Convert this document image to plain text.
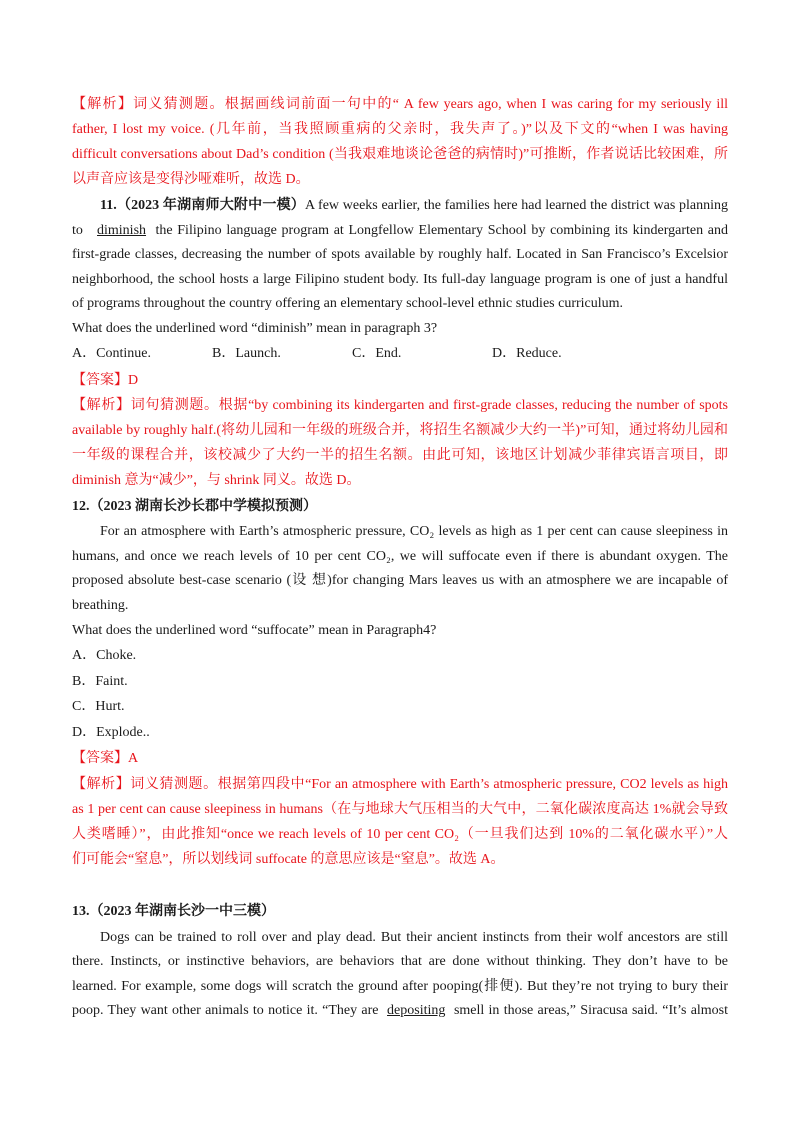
【解析】词义猜测题。根据画线词前面一句中的“ A few years ago, when I was caring for my seriously ill
father, I lost my voice. (几年前，当我照顾重病的父亲时，我失声了。)”以及下文的“when I was having
difficult conversations about Dad’s condition (当我艰难地谈论爸爸的病情时)”可推断，作者说话比较困难，所
以声音应该是变得沙哑难听，故选 D。
11.（2023 年湖南师大附中一模）A few weeks earlier, the families here had learned the district was planning
to diminish the Filipino language program at Longfellow Elementary School by combining its kindergarten and
first-grade classes, decreasing the number of spots available by roughly half. Located in San Francisco’s Excelsior
neighborhood, the school hosts a large Filipino student body. Its full-day language program is one of just a handful
of programs throughout the country offering an elementary school-level ethnic studies curriculum.
What does the underlined word “diminish” mean in paragraph 3?
A．Continue.	B．Launch.	C．End.	D．Reduce.
【答案】D
【解析】词句猜测题。根据“by combining its kindergarten and first-grade classes, reducing the number of spots
available by roughly half.(将幼儿园和一年级的班级合并，将招生名额减少大约一半)”可知，通过将幼儿园和
一年级的课程合并，该校减少了大约一半的招生名额。由此可知，该地区计划减少菲律宾语言项目，即
diminish 意为“减少”，与 shrink 同义。故选 D。
12.（2023 湖南长沙长郡中学模拟预测）
For an atmosphere with Earth’s atmospheric pressure, CO₂ levels as high as 1 per cent can cause sleepiness in
humans, and once we reach levels of 10 per cent CO₂, we will suffocate even if there is abundant oxygen. The
proposed absolute best-case scenario (设 想)for changing Mars leaves us with an atmosphere we are incapable of
breathing.
What does the underlined word “suffocate” mean in Paragraph4?
A．Choke.
B．Faint.
C．Hurt.
D．Explode..
【答案】A
【解析】词义猜测题。根据第四段中“For an atmosphere with Earth’s atmospheric pressure, CO2 levels as high
as 1 per cent can cause sleepiness in humans（在与地球大气压相当的大气中，二氧化碳浓度高达 1%就会导致
人类嗜睡）”，由此推知“once we reach levels of 10 per cent CO₂（一旦我们达到 10%的二氧化碳水平）”人
们可能会“窒息”，所以划线词 suffocate 的意思应该是“窒息”。故选 A。
13.（2023 年湖南长沙一中三模）
Dogs can be trained to roll over and play dead. But their ancient instincts from their wolf ancestors are still
there. Instincts, or instinctive behaviors, are behaviors that are done without thinking. They don’t have to be
learned. For example, some dogs will scratch the ground after pooping(排便). But they’re not trying to bury their
poop. They want other animals to notice it. “They are depositing smell in those areas,” Siracusa said. “It’s almost
